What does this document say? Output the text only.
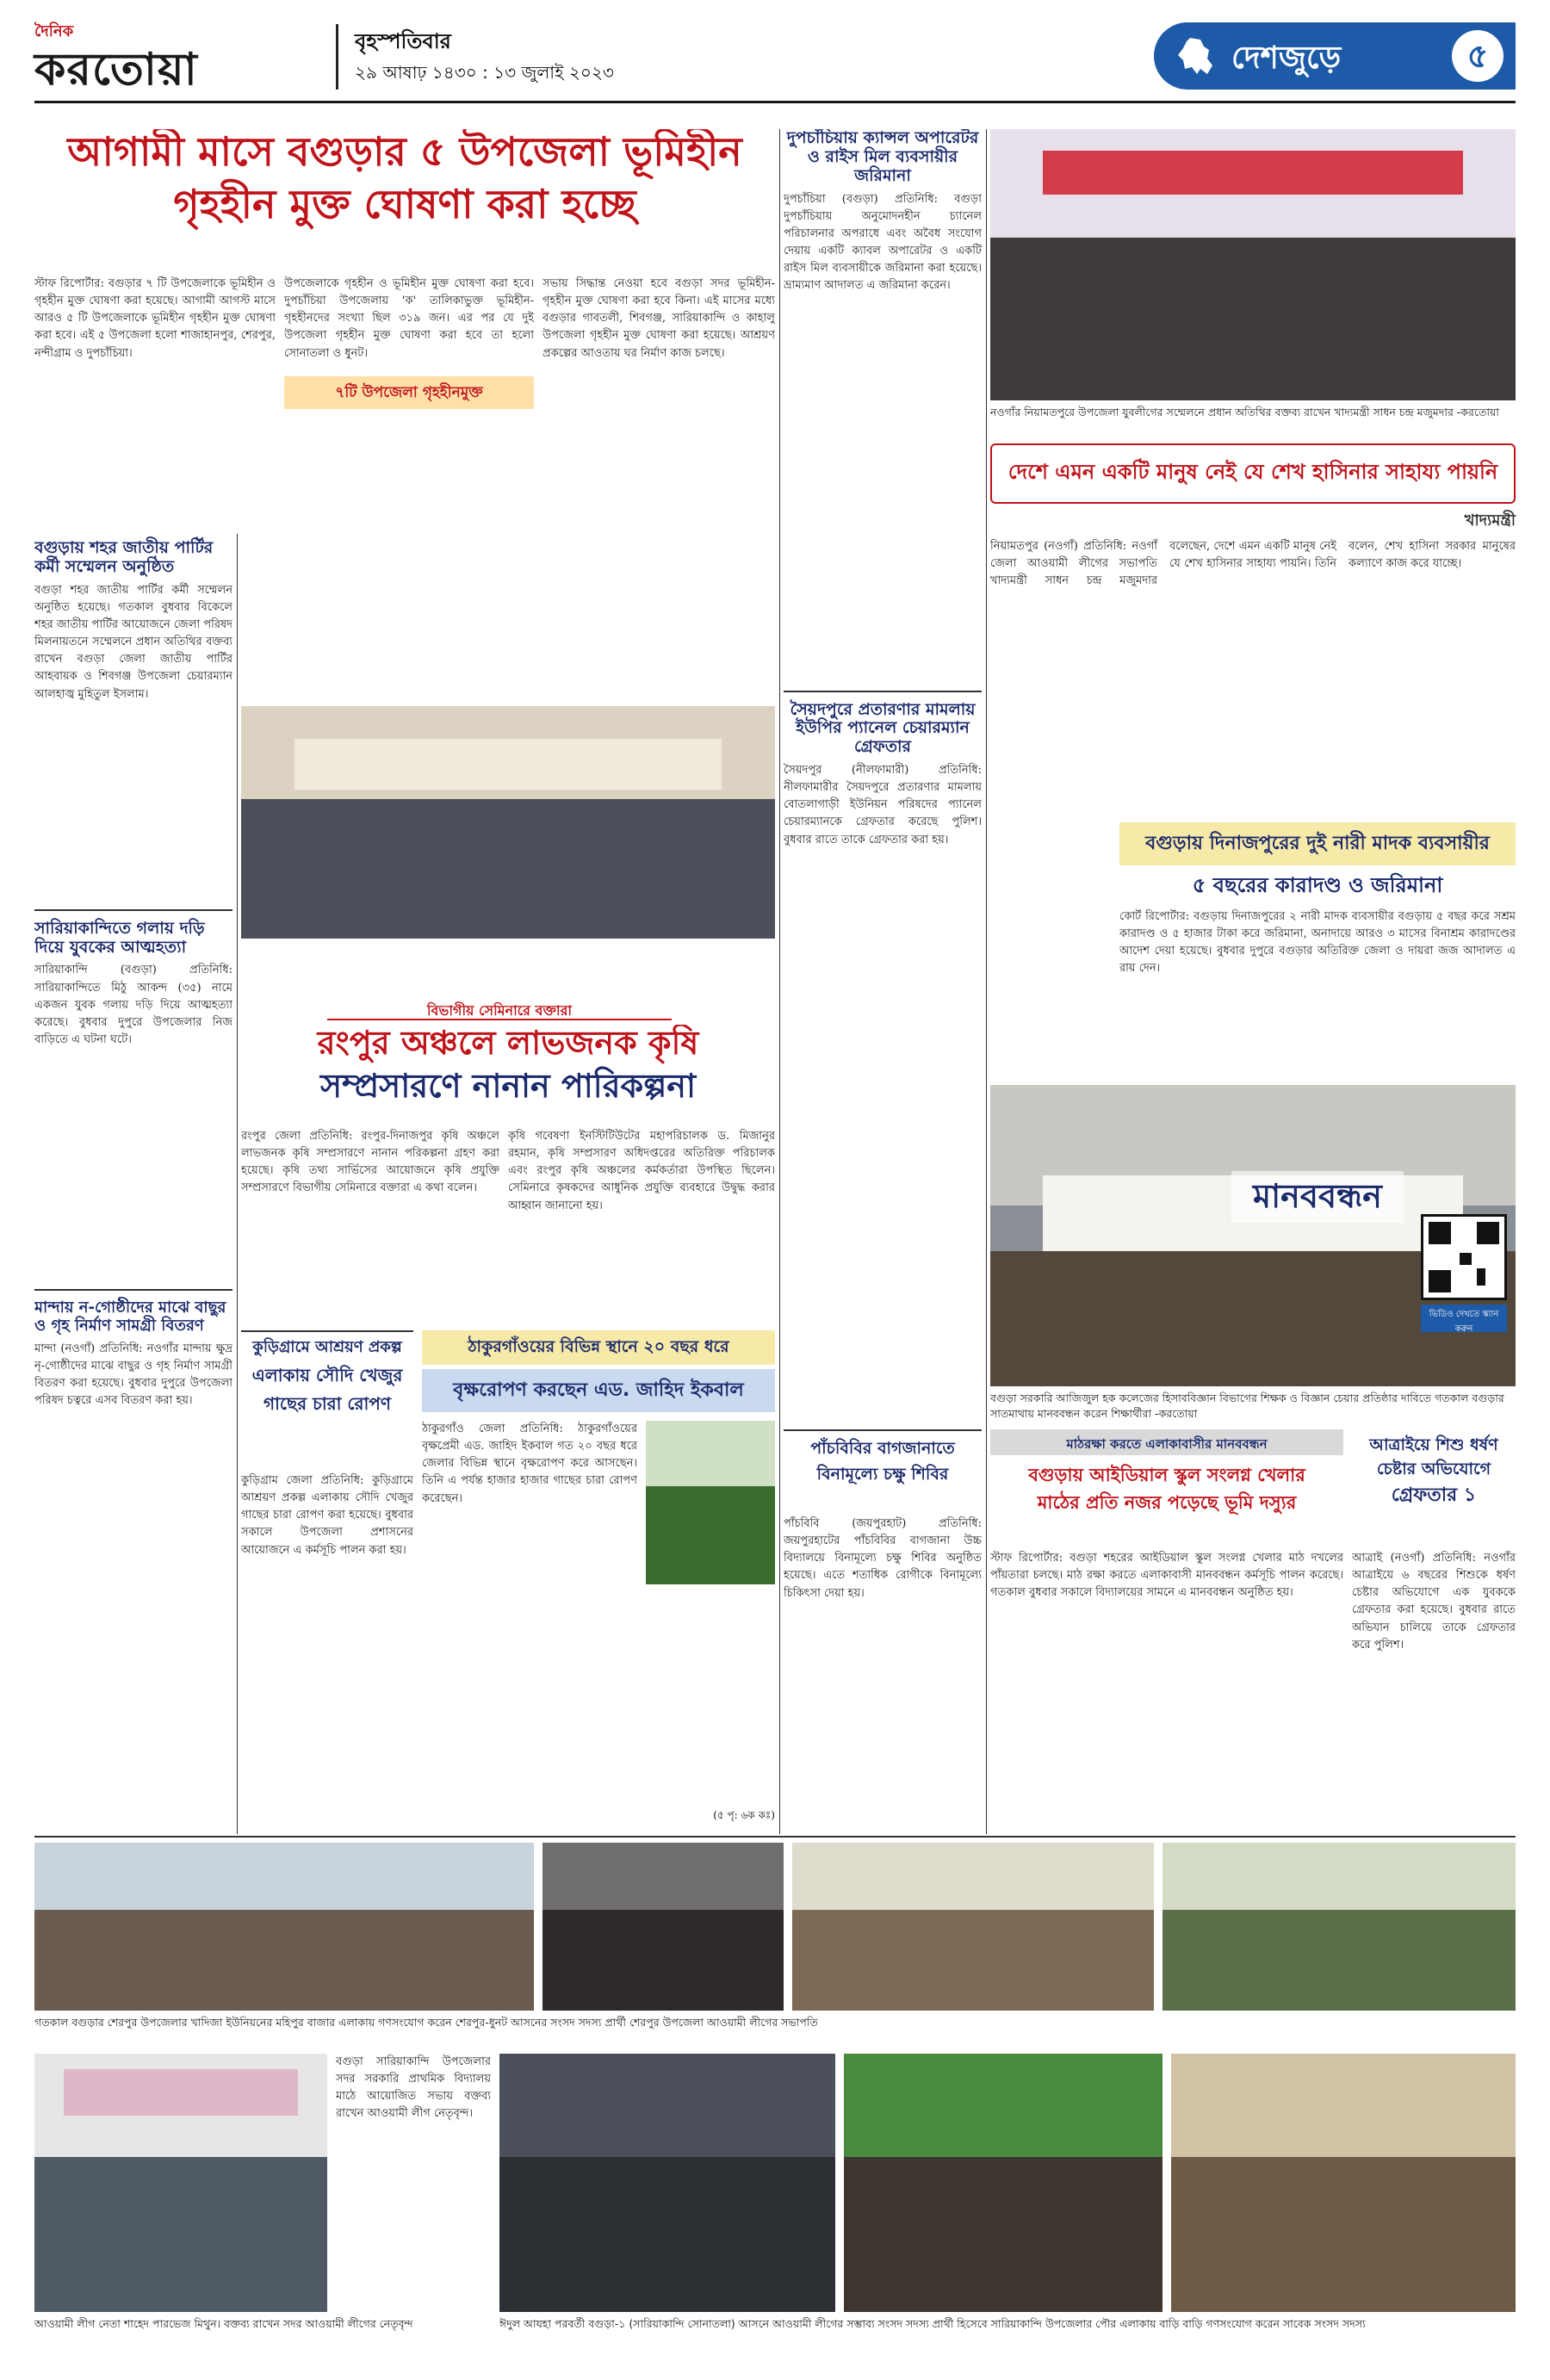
দৈনিক
করতোয়া
বৃহস্পতিবার
২৯ আষাঢ় ১৪৩০ : ১৩ জুলাই ২০২৩	দেশজুড়ে	৫
আগামী মাসে বগুড়ার ৫ উপজেলা ভূমিহীন
গৃহহীন মুক্ত ঘোষণা করা হচ্ছে

স্টাফ রিপোর্টার: বগুড়ার ৭ টি উপজেলাকে ভূমিহীন ও গৃহহীন মুক্ত ঘোষণা করা হয়েছে। আগামী আগস্ট মাসে আরও ৫ টি উপজেলাকে ভূমিহীন গৃহহীন মুক্ত ঘোষণা করা হবে। এই ৫ উপজেলা হলো শাজাহানপুর, শেরপুর, নন্দীগ্রাম ও দুপচাঁচিয়া।

উপজেলাকে গৃহহীন ও ভূমিহীন মুক্ত ঘোষণা করা হবে। দুপচাঁচিয়া উপজেলায় 'ক' তালিকাভুক্ত ভূমিহীন-গৃহহীনদের সংখ্যা ছিল ৩১৯ জন। এর পর যে দুই উপজেলা গৃহহীন মুক্ত ঘোষণা করা হবে তা হলো সোনাতলা ও ধুনট।

৭টি উপজেলা গৃহহীনমুক্ত

সভায় সিদ্ধান্ত নেওয়া হবে বগুড়া সদর ভূমিহীন-গৃহহীন মুক্ত ঘোষণা করা হবে কিনা। এই মাসের মধ্যে বগুড়ার গাবতলী, শিবগঞ্জ, সারিয়াকান্দি ও কাহালু উপজেলা গৃহহীন মুক্ত ঘোষণা করা হয়েছে। আশ্রয়ণ প্রকল্পের আওতায় ঘর নির্মাণ কাজ চলছে।

বগুড়ায় শহর জাতীয় পার্টির কর্মী সম্মেলন অনুষ্ঠিত

বগুড়া শহর জাতীয় পার্টির কর্মী সম্মেলন অনুষ্ঠিত হয়েছে। গতকাল বুধবার বিকেলে শহর জাতীয় পার্টির আয়োজনে জেলা পরিষদ মিলনায়তনে সম্মেলনে প্রধান অতিথির বক্তব্য রাখেন বগুড়া জেলা জাতীয় পার্টির আহবায়ক ও শিবগঞ্জ উপজেলা চেয়ারম্যান আলহাজ্ব মুহিতুল ইসলাম।

সারিয়াকান্দিতে গলায় দড়ি দিয়ে যুবকের আত্মহত্যা

সারিয়াকান্দি (বগুড়া) প্রতিনিধি: সারিয়াকান্দিতে মিঠু আকন্দ (৩৫) নামে একজন যুবক গলায় দড়ি দিয়ে আত্মহত্যা করেছে। বুধবার দুপুরে উপজেলার নিজ বাড়িতে এ ঘটনা ঘটে।

মান্দায় ন-গোষ্ঠীদের মাঝে বাছুর ও গৃহ নির্মাণ সামগ্রী বিতরণ

মান্দা (নওগাঁ) প্রতিনিধি: নওগাঁর মান্দায় ক্ষুদ্র নৃ-গোষ্ঠীদের মাঝে বাছুর ও গৃহ নির্মাণ সামগ্রী বিতরণ করা হয়েছে। বুধবার দুপুরে উপজেলা পরিষদ চত্বরে এসব বিতরণ করা হয়।

দুপচাঁচিয়ায় ক্যান্সল অপারেটর ও রাইস মিল ব্যবসায়ীর জরিমানা

দুপচাঁচিয়া (বগুড়া) প্রতিনিধি: বগুড়া দুপচাঁচিয়ায় অনুমোদনহীন চ্যানেল পরিচালনার অপরাধে এবং অবৈধ সংযোগ দেয়ায় একটি ক্যাবল অপারেটর ও একটি রাইস মিল ব্যবসায়ীকে জরিমানা করা হয়েছে। ভ্রাম্যমাণ আদালত এ জরিমানা করেন।

সৈয়দপুরে প্রতারণার মামলায় ইউপির প্যানেল চেয়ারম্যান গ্রেফতার

সৈয়দপুর (নীলফামারী) প্রতিনিধি: নীলফামারীর সৈয়দপুরে প্রতারণার মামলায় বোতলাগাড়ী ইউনিয়ন পরিষদের প্যানেল চেয়ারম্যানকে গ্রেফতার করেছে পুলিশ। বুধবার রাতে তাকে গ্রেফতার করা হয়।

নওগাঁর নিয়ামতপুরে উপজেলা যুবলীগের সম্মেলনে প্রধান অতিথির বক্তব্য রাখেন খাদ্যমন্ত্রী সাধন চন্দ্র মজুমদার -করতোয়া
দেশে এমন একটি মানুষ নেই যে শেখ হাসিনার সাহায্য পায়নি
খাদ্যমন্ত্রী

নিয়ামতপুর (নওগাঁ) প্রতিনিধি: নওগাঁ জেলা আওয়ামী লীগের সভাপতি খাদ্যমন্ত্রী সাধন চন্দ্র মজুমদার বলেছেন, দেশে এমন একটি মানুষ নেই যে শেখ হাসিনার সাহায্য পায়নি। তিনি বলেন, শেখ হাসিনা সরকার মানুষের কল্যাণে কাজ করে যাচ্ছে।

বগুড়ায় দিনাজপুরের দুই নারী মাদক ব্যবসায়ীর
৫ বছরের কারাদণ্ড ও জরিমানা

কোর্ট রিপোর্টার: বগুড়ায় দিনাজপুরের ২ নারী মাদক ব্যবসায়ীর বগুড়ায় ৫ বছর করে সশ্রম কারাদণ্ড ও ৫ হাজার টাকা করে জরিমানা, অনাদায়ে আরও ৩ মাসের বিনাশ্রম কারাদণ্ডের আদেশ দেয়া হয়েছে। বুধবার দুপুরে বগুড়ার অতিরিক্ত জেলা ও দায়রা জজ আদালত এ রায় দেন।

বিভাগীয় সেমিনারে বক্তারা
রংপুর অঞ্চলে লাভজনক কৃষি
সম্প্রসারণে নানান পারিকল্পনা

রংপুর জেলা প্রতিনিধি: রংপুর-দিনাজপুর কৃষি অঞ্চলে লাভজনক কৃষি সম্প্রসারণে নানান পরিকল্পনা গ্রহণ করা হয়েছে। কৃষি তথ্য সার্ভিসের আয়োজনে কৃষি প্রযুক্তি সম্প্রসারণে বিভাগীয় সেমিনারে বক্তারা এ কথা বলেন।

কৃষি গবেষণা ইনস্টিটিউটের মহাপরিচালক ড. মিজানুর রহমান, কৃষি সম্প্রসারণ অধিদপ্তরের অতিরিক্ত পরিচালক এবং রংপুর কৃষি অঞ্চলের কর্মকর্তারা উপস্থিত ছিলেন। সেমিনারে কৃষকদের আধুনিক প্রযুক্তি ব্যবহারে উদ্বুদ্ধ করার আহ্বান জানানো হয়।	মানববন্ধন
ভিডিও দেখতে স্ক্যান করুন
বগুড়া সরকারি আজিজুল হক কলেজের হিসাববিজ্ঞান বিভাগের শিক্ষক ও বিজ্ঞান চেয়ার প্রতিষ্ঠার দাবিতে গতকাল বগুড়ার সাতমাথায় মানববন্ধন করেন শিক্ষার্থীরা -করতোয়া
কুড়িগ্রামে আশ্রয়ণ প্রকল্প
এলাকায় সৌদি খেজুর
গাছের চারা রোপণ

কুড়িগ্রাম জেলা প্রতিনিধি: কুড়িগ্রামে আশ্রয়ণ প্রকল্প এলাকায় সৌদি খেজুর গাছের চারা রোপণ করা হয়েছে। বুধবার সকালে উপজেলা প্রশাসনের আয়োজনে এ কর্মসূচি পালন করা হয়।

ঠাকুরগাঁওয়ের বিভিন্ন স্থানে ২০ বছর ধরে
বৃক্ষরোপণ করছেন এড. জাহিদ ইকবাল

ঠাকুরগাঁও জেলা প্রতিনিধি: ঠাকুরগাঁওয়ের বৃক্ষপ্রেমী এড. জাহিদ ইকবাল গত ২০ বছর ধরে জেলার বিভিন্ন স্থানে বৃক্ষরোপণ করে আসছেন। তিনি এ পর্যন্ত হাজার হাজার গাছের চারা রোপণ করেছেন।

(৫ পৃ: ৬ক কঃ)
পাঁচবিবির বাগজানাতে
বিনামূল্যে চক্ষু শিবির

পাঁচবিবি (জয়পুরহাট) প্রতিনিধি: জয়পুরহাটের পাঁচবিবির বাগজানা উচ্চ বিদ্যালয়ে বিনামূল্যে চক্ষু শিবির অনুষ্ঠিত হয়েছে। এতে শতাধিক রোগীকে বিনামূল্যে চিকিৎসা দেয়া হয়।

মাঠরক্ষা করতে এলাকাবাসীর মানববন্ধন
বগুড়ায় আইডিয়াল স্কুল সংলগ্ন খেলার
মাঠের প্রতি নজর পড়েছে ভূমি দস্যুর

স্টাফ রিপোর্টার: বগুড়া শহরের আইডিয়াল স্কুল সংলগ্ন খেলার মাঠ দখলের পাঁয়তারা চলছে। মাঠ রক্ষা করতে এলাকাবাসী মানববন্ধন কর্মসূচি পালন করেছে। গতকাল বুধবার সকালে বিদ্যালয়ের সামনে এ মানববন্ধন অনুষ্ঠিত হয়।

আত্রাইয়ে শিশু ধর্ষণ
চেষ্টার অভিযোগে
গ্রেফতার ১

আত্রাই (নওগাঁ) প্রতিনিধি: নওগাঁর আত্রাইয়ে ৬ বছরের শিশুকে ধর্ষণ চেষ্টার অভিযোগে এক যুবককে গ্রেফতার করা হয়েছে। বুধবার রাতে অভিযান চালিয়ে তাকে গ্রেফতার করে পুলিশ।

গতকাল বগুড়ার শেরপুর উপজেলার খাদিজা ইউনিয়নের মহিপুর বাজার এলাকায় গণসংযোগ করেন শেরপুর-ধুনট আসনের সংসদ সদস্য প্রার্থী শেরপুর উপজেলা আওয়ামী লীগের সভাপতি

বগুড়া সারিয়াকান্দি উপজেলার সদর সরকারি প্রাথমিক বিদ্যালয় মাঠে আয়োজিত সভায় বক্তব্য রাখেন আওয়ামী লীগ নেতৃবৃন্দ।

আওয়ামী লীগ নেতা শাহেদ পারভেজ মিথুন। বক্তব্য রাখেন সদর আওয়ামী লীগের নেতৃবৃন্দ	ঈদুল আযহা পরবর্তী বগুড়া-১ (সারিয়াকান্দি সোনাতলা) আসনে আওয়ামী লীগের সম্ভাব্য সংসদ সদস্য প্রার্থী হিসেবে সারিয়াকান্দি উপজেলার পৌর এলাকায় বাড়ি বাড়ি গণসংযোগ করেন সাবেক সংসদ সদস্য
